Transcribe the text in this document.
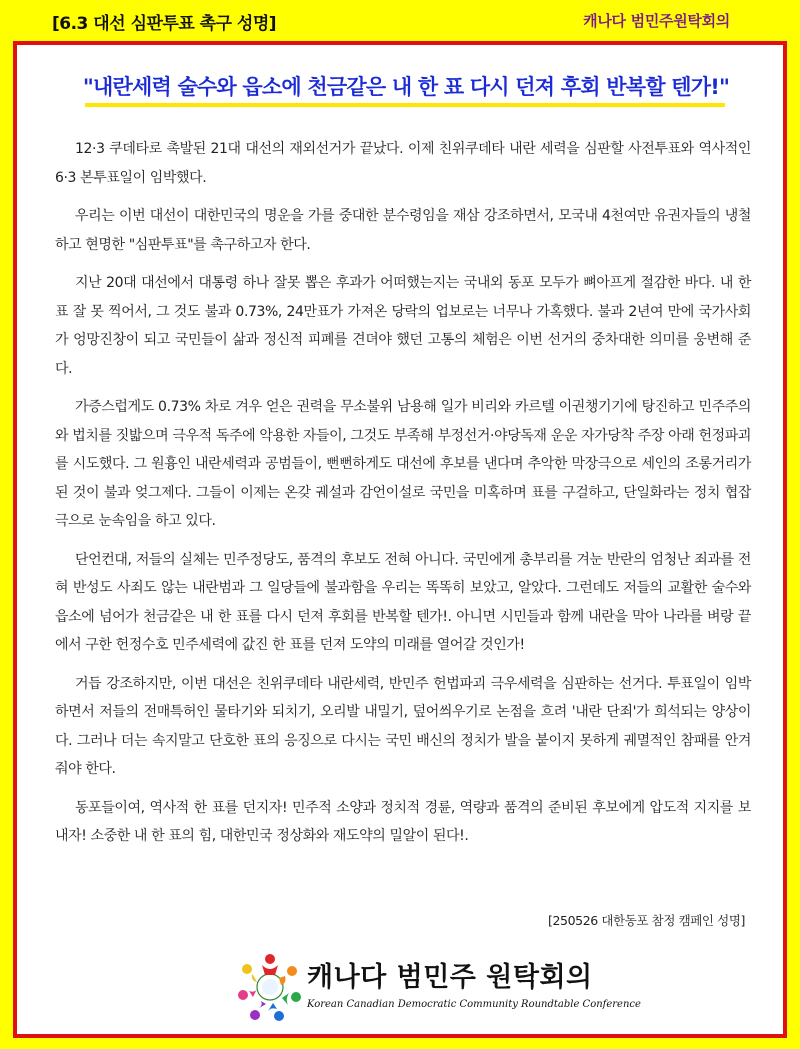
[6.3 대선 심판투표 촉구 성명]	캐나다 범민주원탁회의
"내란세력 술수와 읍소에 천금같은 내 한 표 다시 던져 후회 반복할 텐가!"

12·3 쿠데타로 촉발된 21대 대선의 재외선거가 끝났다. 이제 친위쿠데타 내란 세력을 심판할 사전투표와 역사적인 6·3 본투표일이 임박했다.

우리는 이번 대선이 대한민국의 명운을 가를 중대한 분수령임을 재삼 강조하면서, 모국내 4천여만 유권자들의 냉철하고 현명한 "심판투표"를 촉구하고자 한다.

지난 20대 대선에서 대통령 하나 잘못 뽑은 후과가 어떠했는지는 국내외 동포 모두가 뼈아프게 절감한 바다. 내 한 표 잘 못 찍어서, 그 것도 불과 0.73%, 24만표가 가져온 당락의 업보로는 너무나 가혹했다. 불과 2년여 만에 국가사회가 엉망진창이 되고 국민들이 삶과 정신적 피폐를 견뎌야 했던 고통의 체험은 이번 선거의 중차대한 의미를 웅변해 준다.

가증스럽게도 0.73% 차로 겨우 얻은 권력을 무소불위 남용해 일가 비리와 카르텔 이권챙기기에 탕진하고 민주주의와 법치를 짓밟으며 극우적 독주에 악용한 자들이, 그것도 부족해 부정선거·야당독재 운운 자가당착 주장 아래 헌정파괴를 시도했다. 그 원흉인 내란세력과 공범들이, 뻔뻔하게도 대선에 후보를 낸다며 추악한 막장극으로 세인의 조롱거리가 된 것이 불과 엊그제다. 그들이 이제는 온갖 궤설과 감언이설로 국민을 미혹하며 표를 구걸하고, 단일화라는 정치 협잡극으로 눈속임을 하고 있다.

단언컨대, 저들의 실체는 민주정당도, 품격의 후보도 전혀 아니다. 국민에게 총부리를 겨눈 반란의 엄청난 죄과를 전혀 반성도 사죄도 않는 내란범과 그 일당들에 불과함을 우리는 똑똑히 보았고, 알았다. 그런데도 저들의 교활한 술수와 읍소에 넘어가 천금같은 내 한 표를 다시 던져 후회를 반복할 텐가!. 아니면 시민들과 함께 내란을 막아 나라를 벼랑 끝에서 구한 헌정수호 민주세력에 값진 한 표를 던져 도약의 미래를 열어갈 것인가!

거듭 강조하지만, 이번 대선은 친위쿠데타 내란세력, 반민주 헌법파괴 극우세력을 심판하는 선거다. 투표일이 임박하면서 저들의 전매특허인 물타기와 되치기, 오리발 내밀기, 덮어씌우기로 논점을 흐려 '내란 단죄'가 희석되는 양상이다. 그러나 더는 속지말고 단호한 표의 응징으로 다시는 국민 배신의 정치가 발을 붙이지 못하게 궤멸적인 참패를 안겨줘야 한다.

동포들이여, 역사적 한 표를 던지자! 민주적 소양과 정치적 경륜, 역량과 품격의 준비된 후보에게 압도적 지지를 보내자! 소중한 내 한 표의 힘, 대한민국 정상화와 재도약의 밀알이 된다!.

[250526 대한동포 참정 캠페인 성명]
캐나다 범민주 원탁회의
Korean Canadian Democratic Community Roundtable Conference
